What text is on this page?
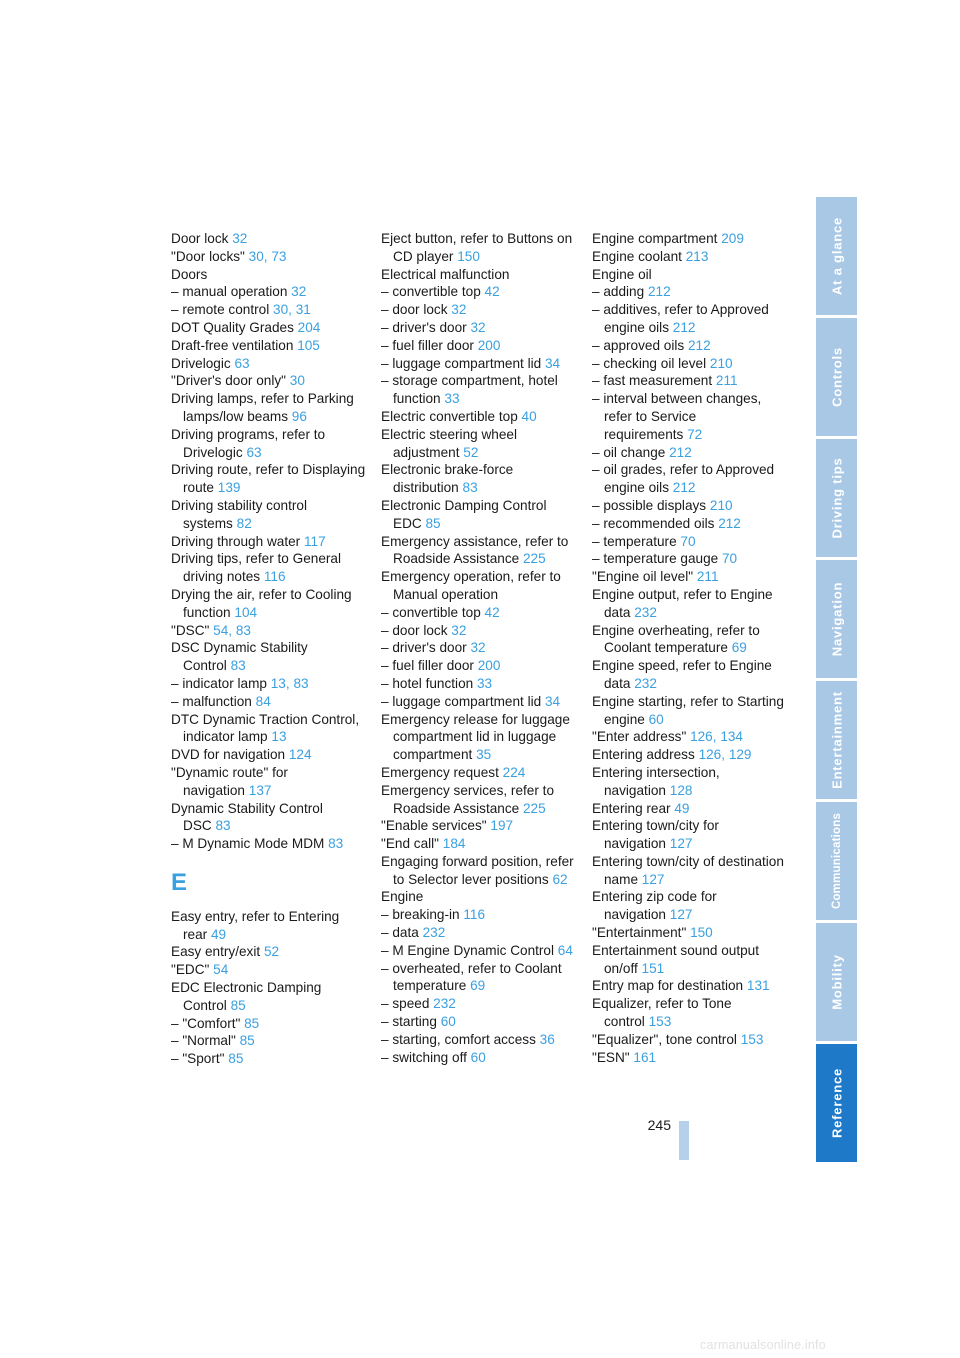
Door lock 32
"Door locks" 30, 73
Doors
– manual operation 32
– remote control 30, 31
DOT Quality Grades 204
Draft-free ventilation 105
Drivelogic 63
"Driver's door only" 30
Driving lamps, refer to Parking lamps/low beams 96
Driving programs, refer to Drivelogic 63
Driving route, refer to Displaying route 139
Driving stability control systems 82
Driving through water 117
Driving tips, refer to General driving notes 116
Drying the air, refer to Cooling function 104
"DSC" 54, 83
DSC Dynamic Stability Control 83
– indicator lamp 13, 83
– malfunction 84
DTC Dynamic Traction Control, indicator lamp 13
DVD for navigation 124
"Dynamic route" for navigation 137
Dynamic Stability Control DSC 83
– M Dynamic Mode MDM 83
E
Easy entry, refer to Entering rear 49
Easy entry/exit 52
"EDC" 54
EDC Electronic Damping Control 85
– "Comfort" 85
– "Normal" 85
– "Sport" 85
Eject button, refer to Buttons on CD player 150
Electrical malfunction
– convertible top 42
– door lock 32
– driver's door 32
– fuel filler door 200
– luggage compartment lid 34
– storage compartment, hotel function 33
Electric convertible top 40
Electric steering wheel adjustment 52
Electronic brake-force distribution 83
Electronic Damping Control EDC 85
Emergency assistance, refer to Roadside Assistance 225
Emergency operation, refer to Manual operation
– convertible top 42
– door lock 32
– driver's door 32
– fuel filler door 200
– hotel function 33
– luggage compartment lid 34
Emergency release for luggage compartment lid in luggage compartment 35
Emergency request 224
Emergency services, refer to Roadside Assistance 225
"Enable services" 197
"End call" 184
Engaging forward position, refer to Selector lever positions 62
Engine
– breaking-in 116
– data 232
– M Engine Dynamic Control 64
– overheated, refer to Coolant temperature 69
– speed 232
– starting 60
– starting, comfort access 36
– switching off 60
Engine compartment 209
Engine coolant 213
Engine oil
– adding 212
– additives, refer to Approved engine oils 212
– approved oils 212
– checking oil level 210
– fast measurement 211
– interval between changes, refer to Service requirements 72
– oil change 212
– oil grades, refer to Approved engine oils 212
– possible displays 210
– recommended oils 212
– temperature 70
– temperature gauge 70
"Engine oil level" 211
Engine output, refer to Engine data 232
Engine overheating, refer to Coolant temperature 69
Engine speed, refer to Engine data 232
Engine starting, refer to Starting engine 60
"Enter address" 126, 134
Entering address 126, 129
Entering intersection, navigation 128
Entering rear 49
Entering town/city for navigation 127
Entering town/city of destination name 127
Entering zip code for navigation 127
"Entertainment" 150
Entertainment sound output on/off 151
Entry map for destination 131
Equalizer, refer to Tone control 153
"Equalizer", tone control 153
"ESN" 161
At a glance
Controls
Driving tips
Navigation
Entertainment
Communications
Mobility
Reference
245
carmanualsonline.info
